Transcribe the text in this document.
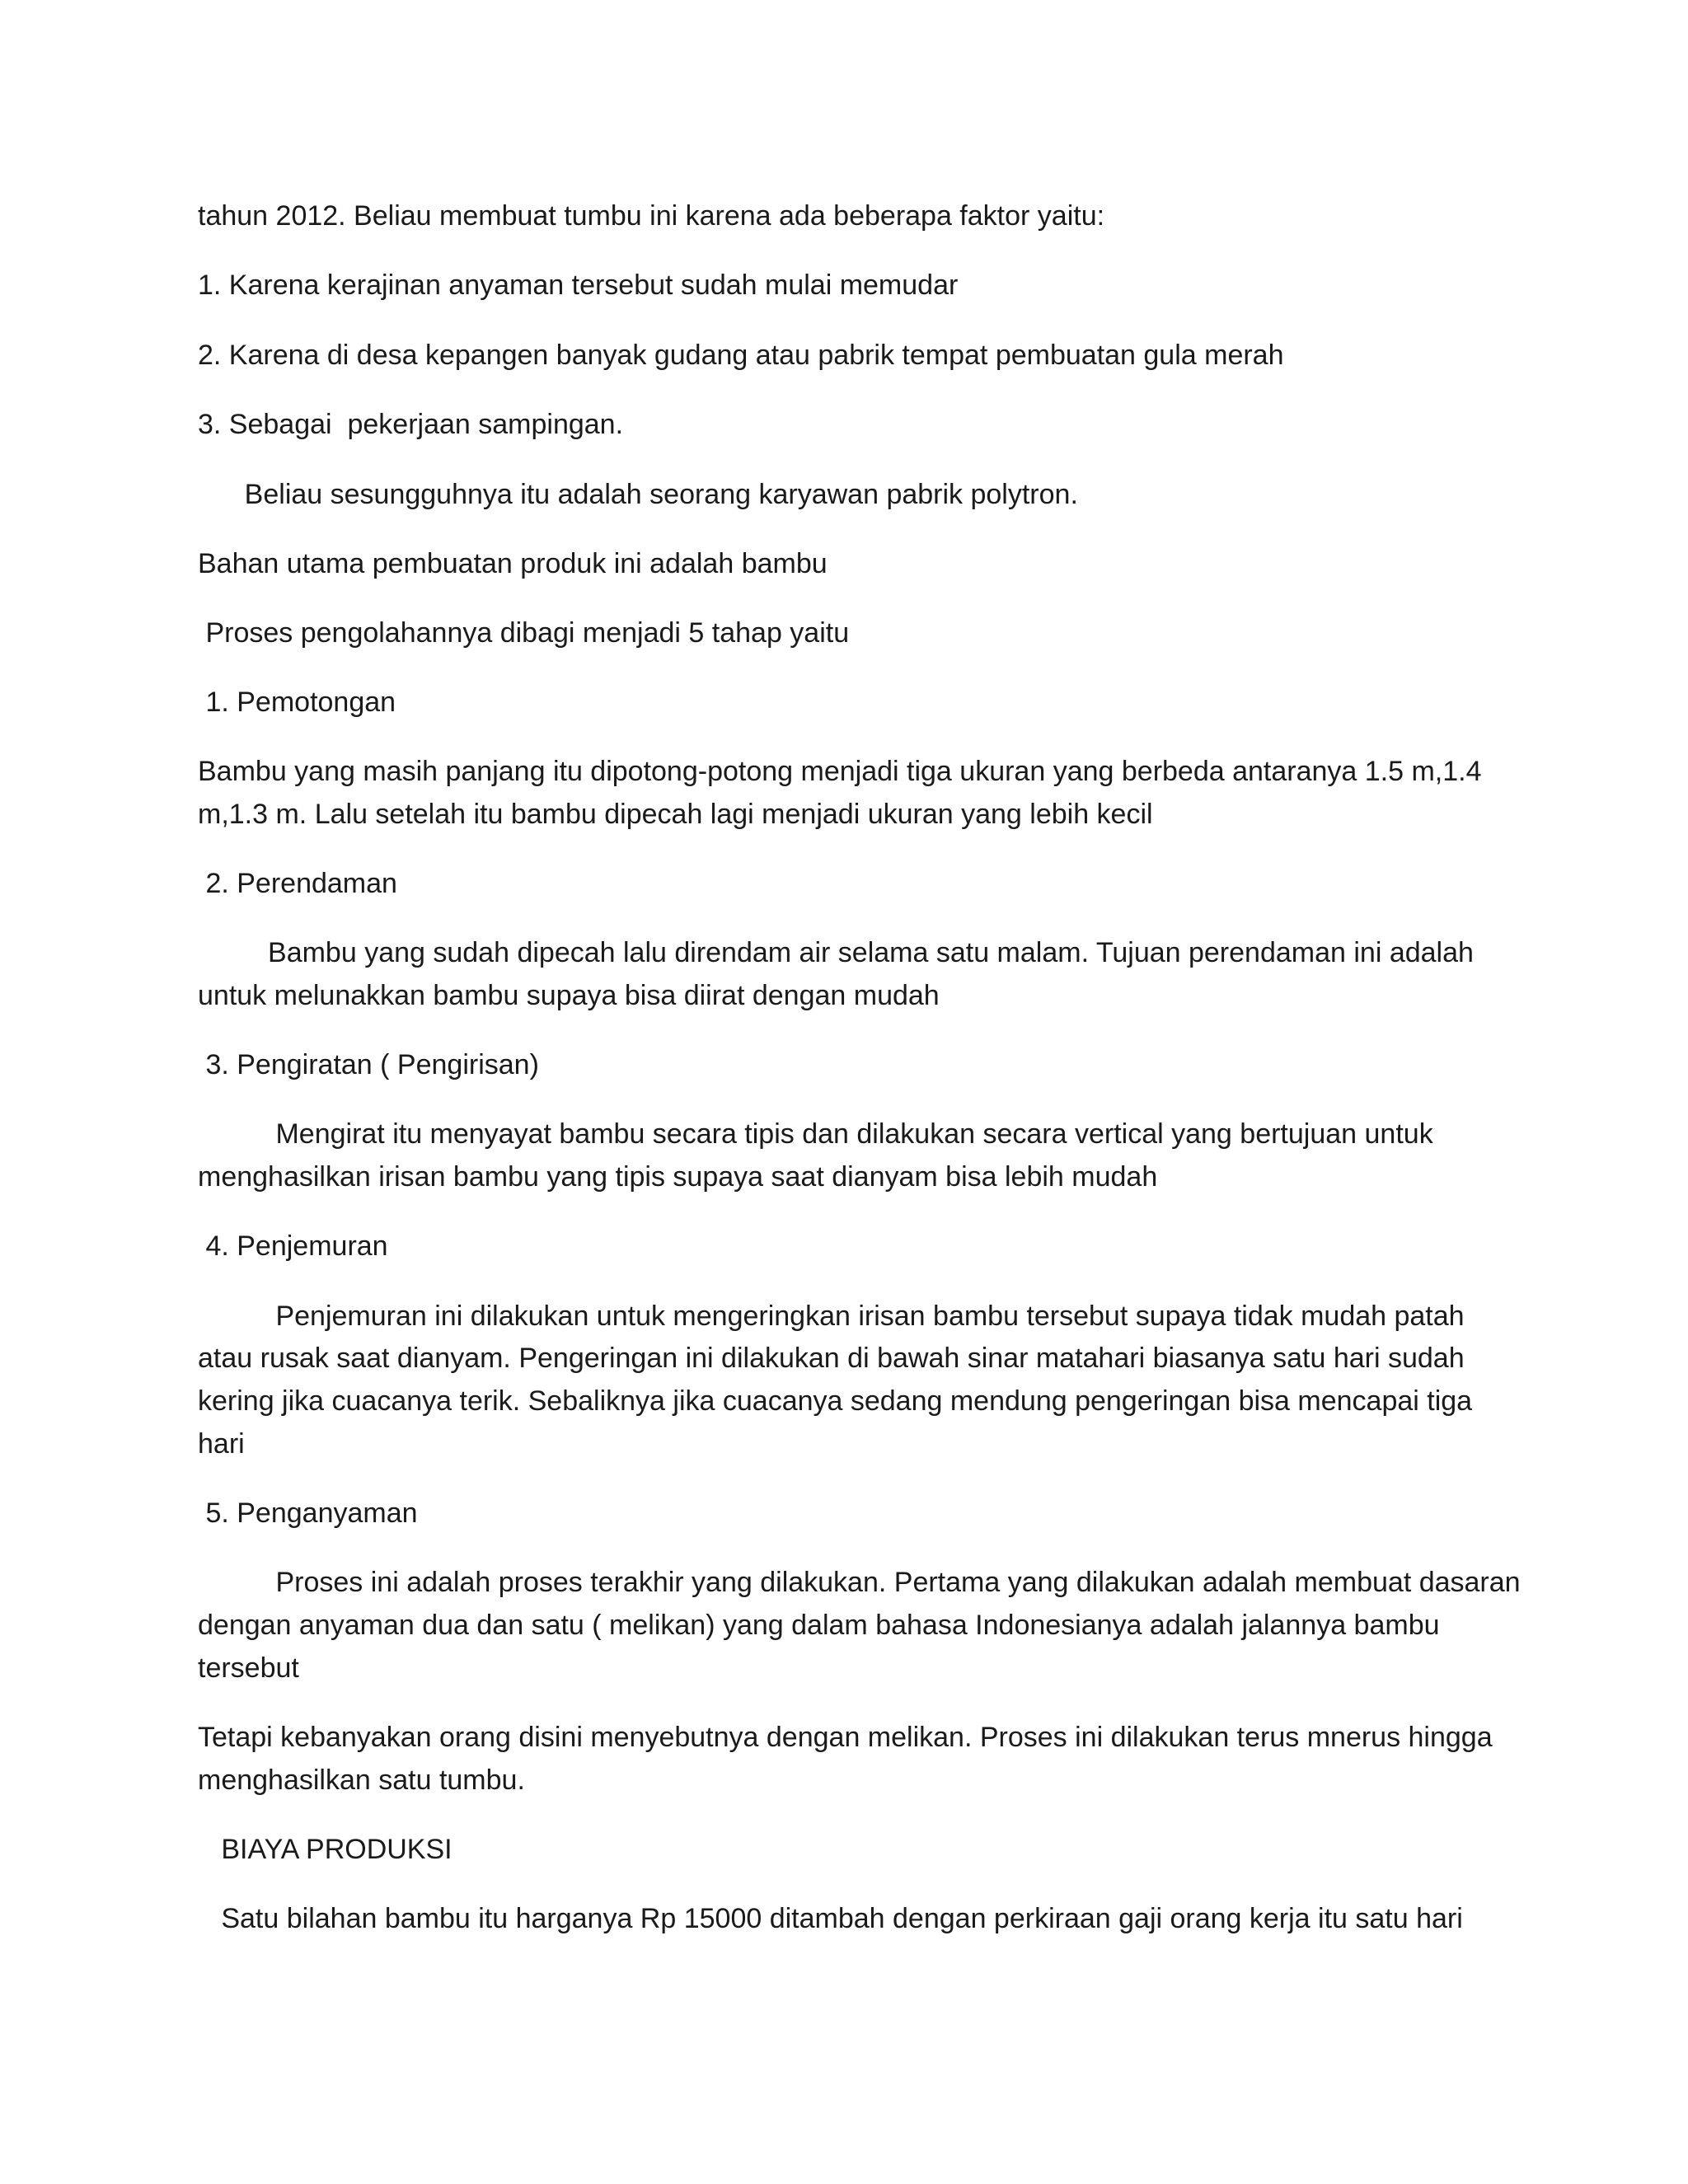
tahun 2012. Beliau membuat tumbu ini karena ada beberapa faktor yaitu:

1. Karena kerajinan anyaman tersebut sudah mulai memudar

2. Karena di desa kepangen banyak gudang atau pabrik tempat pembuatan gula merah

3. Sebagai  pekerjaan sampingan.

Beliau sesungguhnya itu adalah seorang karyawan pabrik polytron.

Bahan utama pembuatan produk ini adalah bambu

Proses pengolahannya dibagi menjadi 5 tahap yaitu

1. Pemotongan

Bambu yang masih panjang itu dipotong-potong menjadi tiga ukuran yang berbeda antaranya 1.5 m,1.4

m,1.3 m. Lalu setelah itu bambu dipecah lagi menjadi ukuran yang lebih kecil

2. Perendaman

Bambu yang sudah dipecah lalu direndam air selama satu malam. Tujuan perendaman ini adalah

untuk melunakkan bambu supaya bisa diirat dengan mudah

3. Pengiratan ( Pengirisan)

Mengirat itu menyayat bambu secara tipis dan dilakukan secara vertical yang bertujuan untuk

menghasilkan irisan bambu yang tipis supaya saat dianyam bisa lebih mudah

4. Penjemuran

Penjemuran ini dilakukan untuk mengeringkan irisan bambu tersebut supaya tidak mudah patah

atau rusak saat dianyam. Pengeringan ini dilakukan di bawah sinar matahari biasanya satu hari sudah

kering jika cuacanya terik. Sebaliknya jika cuacanya sedang mendung pengeringan bisa mencapai tiga

hari

5. Penganyaman

Proses ini adalah proses terakhir yang dilakukan. Pertama yang dilakukan adalah membuat dasaran

dengan anyaman dua dan satu ( melikan) yang dalam bahasa Indonesianya adalah jalannya bambu

tersebut

Tetapi kebanyakan orang disini menyebutnya dengan melikan. Proses ini dilakukan terus mnerus hingga

menghasilkan satu tumbu.

BIAYA PRODUKSI

Satu bilahan bambu itu harganya Rp 15000 ditambah dengan perkiraan gaji orang kerja itu satu hari
